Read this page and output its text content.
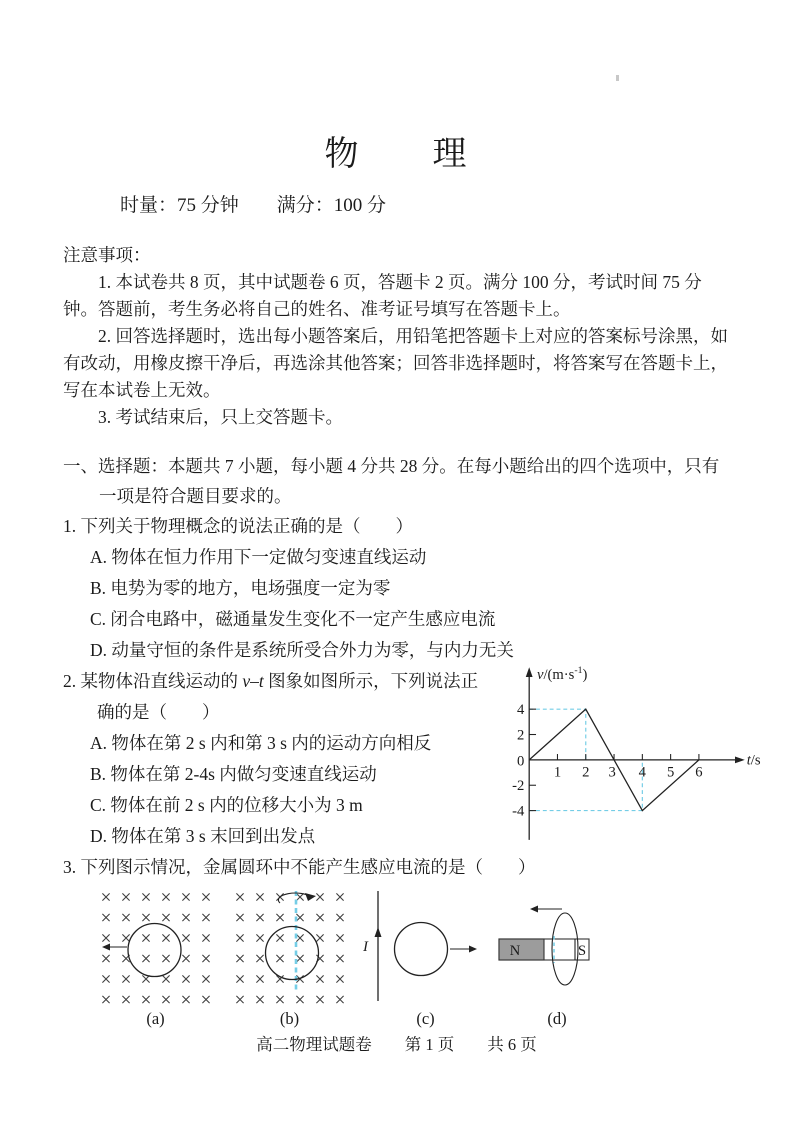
物　　理
时量：75 分钟　　满分：100 分
注意事项：

1. 本试卷共 8 页，其中试题卷 6 页，答题卡 2 页。满分 100 分，考试时间 75 分钟。答题前，考生务必将自己的姓名、准考证号填写在答题卡上。

2. 回答选择题时，选出每小题答案后，用铅笔把答题卡上对应的答案标号涂黑，如有改动，用橡皮擦干净后，再选涂其他答案；回答非选择题时，将答案写在答题卡上，写在本试卷上无效。

3. 考试结束后，只上交答题卡。

一、选择题：本题共 7 小题，每小题 4 分共 28 分。在每小题给出的四个选项中，只有一项是符合题目要求的。

1. 下列关于物理概念的说法正确的是（　　）

A. 物体在恒力作用下一定做匀变速直线运动
B. 电势为零的地方，电场强度一定为零
C. 闭合电路中，磁通量发生变化不一定产生感应电流
D. 动量守恒的条件是系统所受合外力为零，与内力无关
$v/(m\cdot s^{-1})$
t/s
4
2
0
-2
-4
1 2 3 4 5 6

2. 某物体沿直线运动的 v–t 图象如图所示，下列说法正确的是（　　）

A. 物体在第 2 s 内和第 3 s 内的运动方向相反
B. 物体在第 2-4s 内做匀变速直线运动
C. 物体在前 2 s 内的位移大小为 3 m
D. 物体在第 3 s 末回到出发点

3. 下列图示情况，金属圆环中不能产生感应电流的是（　　）

(a)	(b)
I
(c)
N	S
(d)
高二物理试题卷　　第 1 页　　共 6 页
